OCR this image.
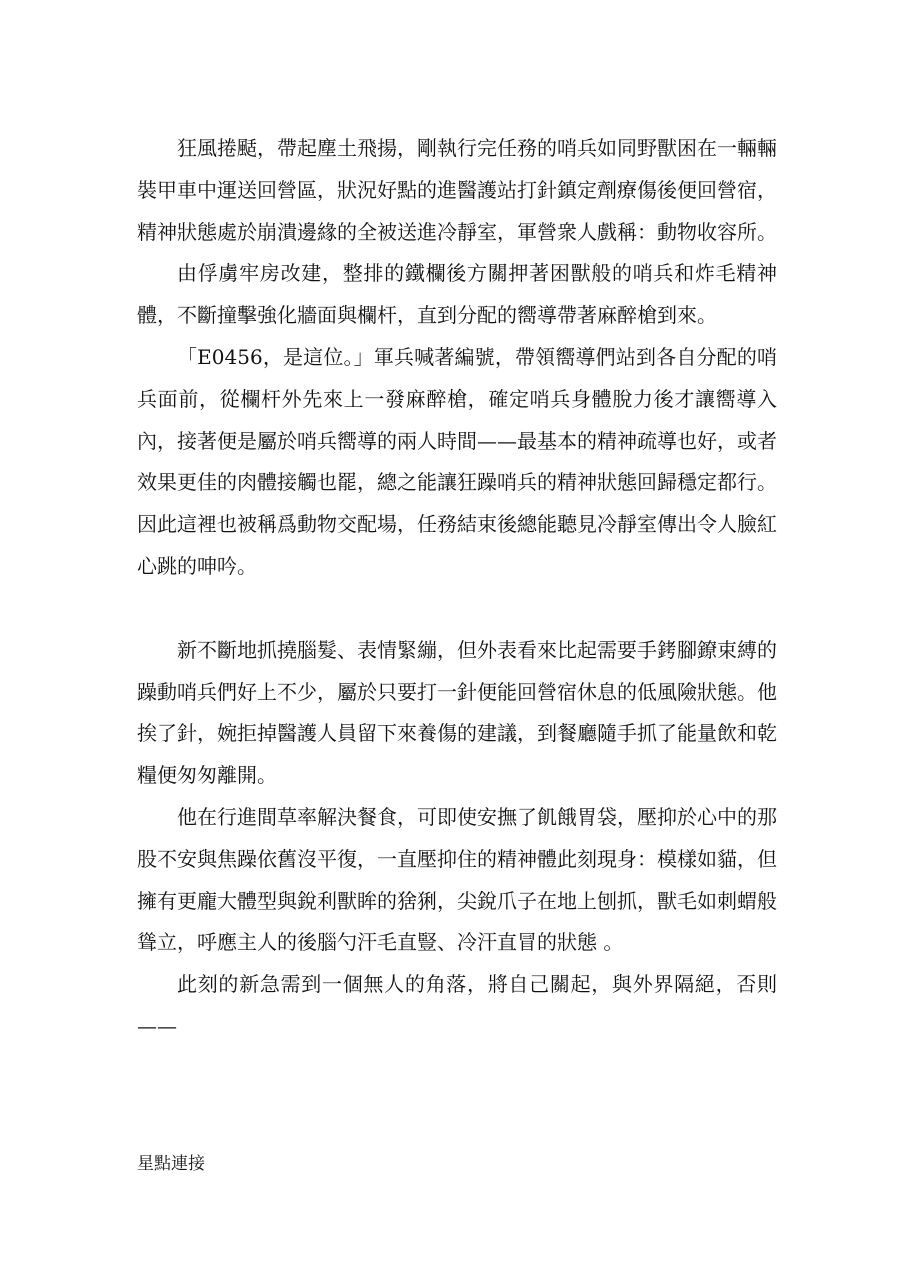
狂風捲颳，帶起塵土飛揚，剛執行完任務的哨兵如同野獸困在一輛輛裝甲車中運送回營區，狀況好點的進醫護站打針鎮定劑療傷後便回營宿，精神狀態處於崩潰邊緣的全被送進冷靜室，軍營衆人戲稱：動物收容所。

由俘虜牢房改建，整排的鐵欄後方關押著困獸般的哨兵和炸毛精神體，不斷撞擊強化牆面與欄杆，直到分配的嚮導帶著麻醉槍到來。

「E0456，是這位。」軍兵喊著編號，帶領嚮導們站到各自分配的哨兵面前，從欄杆外先來上一發麻醉槍，確定哨兵身體脫力後才讓嚮導入內，接著便是屬於哨兵嚮導的兩人時間——最基本的精神疏導也好，或者效果更佳的肉體接觸也罷，總之能讓狂躁哨兵的精神狀態回歸穩定都行。因此這裡也被稱爲動物交配場，任務結束後總能聽見冷靜室傳出令人臉紅心跳的呻吟。

新不斷地抓撓腦髮、表情緊繃，但外表看來比起需要手銬腳鐐束縛的躁動哨兵們好上不少，屬於只要打一針便能回營宿休息的低風險狀態。他挨了針，婉拒掉醫護人員留下來養傷的建議，到餐廳隨手抓了能量飲和乾糧便匆匆離開。

他在行進間草率解決餐食，可即使安撫了飢餓胃袋，壓抑於心中的那股不安與焦躁依舊沒平復，一直壓抑住的精神體此刻現身：模樣如貓，但擁有更龐大體型與銳利獸眸的猞猁，尖銳爪子在地上刨抓，獸毛如刺蝟般聳立，呼應主人的後腦勺汗毛直豎、冷汗直冒的狀態 。

此刻的新急需到一個無人的角落，將自己關起，與外界隔絕，否則——

星點連接
